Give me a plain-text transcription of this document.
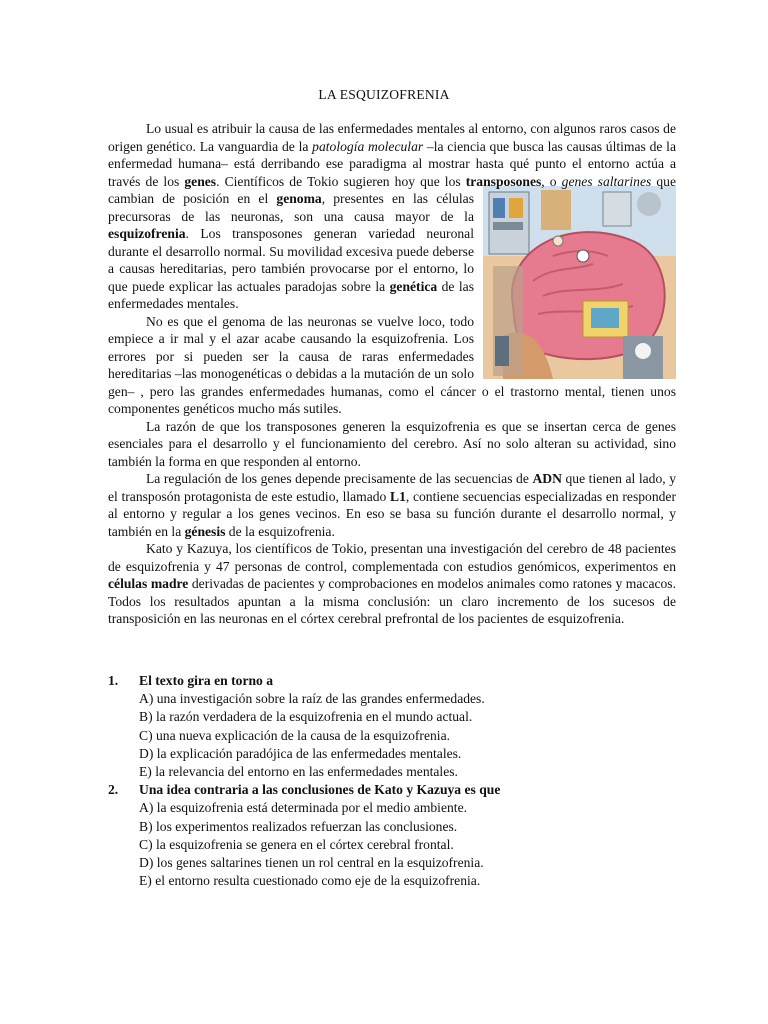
LA ESQUIZOFRENIA

Lo usual es atribuir la causa de las enfermedades mentales al entorno, con algunos raros casos de origen genético. La vanguardia de la patología molecular –la ciencia que busca las causas últimas de la enfermedad humana– está derribando ese paradigma al mostrar hasta qué punto el entorno actúa a través de los genes. Científicos de Tokio sugieren hoy que los
transposones, o genes saltarines que cambian de posición en el genoma, presentes en las células precursoras de las neuronas, son una causa mayor de la esquizofrenia. Los transposones generan variedad neuronal durante el desarrollo normal. Su movilidad excesiva puede deberse a causas hereditarias, pero también provocarse por el entorno, lo que puede explicar las actuales paradojas sobre la genética de las enfermedades mentales.

No es que el genoma de las neuronas se vuelve loco, todo empiece a ir mal y el azar acabe causando la esquizofrenia. Los errores por si pueden ser la causa de raras enfermedades hereditarias –las monogenéticas o debidas a la mutación de un solo gen– , pero las grandes enfermedades humanas, como el cáncer o el trastorno mental, tienen unos componentes genéticos mucho más sutiles.

La razón de que los transposones generen la esquizofrenia es que se insertan cerca de genes esenciales para el desarrollo y el funcionamiento del cerebro. Así no solo alteran su actividad, sino también la forma en que responden al entorno.

La regulación de los genes depende precisamente de las secuencias de ADN que tienen al lado, y el transposón protagonista de este estudio, llamado L1, contiene secuencias especializadas en responder al entorno y regular a los genes vecinos. En eso se basa su función durante el desarrollo normal, y también en la génesis de la esquizofrenia.

Kato y Kazuya, los científicos de Tokio, presentan una investigación del cerebro de 48 pacientes de esquizofrenia y 47 personas de control, complementada con estudios genómicos, experimentos en células madre derivadas de pacientes y comprobaciones en modelos animales como ratones y macacos. Todos los resultados apuntan a la misma conclusión: un claro incremento de los sucesos de transposición en las neuronas en el córtex cerebral prefrontal de los pacientes de esquizofrenia.

1.	El texto gira en torno a
A) una investigación sobre la raíz de las grandes enfermedades.
B) la razón verdadera de la esquizofrenia en el mundo actual.
C) una nueva explicación de la causa de la esquizofrenia.
D) la explicación paradójica de las enfermedades mentales.
E) la relevancia del entorno en las enfermedades mentales.
2.	Una idea contraria a las conclusiones de Kato y Kazuya es que
A) la esquizofrenia está determinada por el medio ambiente.
B) los experimentos realizados refuerzan las conclusiones.
C) la esquizofrenia se genera en el córtex cerebral frontal.
D) los genes saltarines tienen un rol central en la esquizofrenia.
E) el entorno resulta cuestionado como eje de la esquizofrenia.
